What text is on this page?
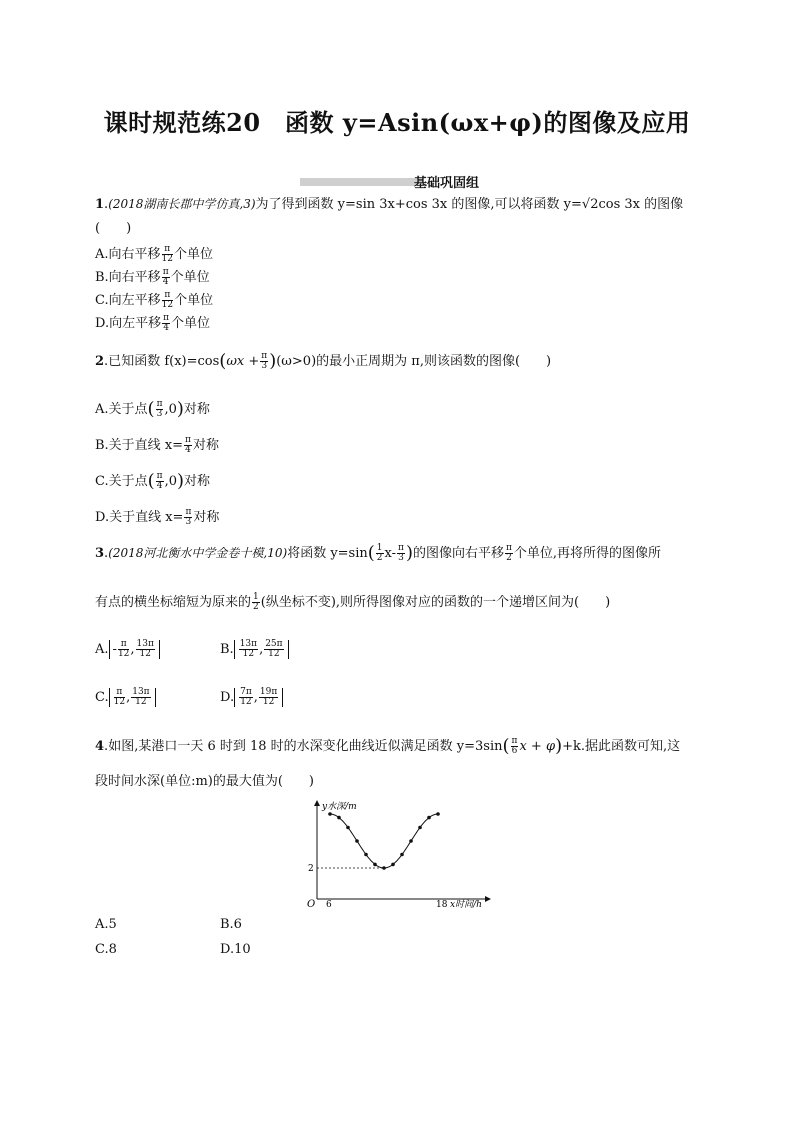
课时规范练20　函数 y=Asin(ωx+φ)的图像及应用
基础巩固组
1.(2018湖南长郡中学仿真,3)为了得到函数 y=sin 3x+cos 3x 的图像,可以将函数 y=√2cos 3x 的图像
(　　)
A.向右平移 $\frac{\pi}{12}$ 个单位
B.向右平移 $\frac{\pi}{4}$ 个单位
C.向左平移 $\frac{\pi}{12}$ 个单位
D.向左平移 $\frac{\pi}{4}$ 个单位
2.已知函数 $f(x)=\cos(\omega x + \frac{\pi}{3} )(\omega>0)$的最小正周期为 π,则该函数的图像(　　)
A.关于点( $\frac{\pi}{3} ,0$)对称
B.关于直线 $x= \frac{\pi}{4}$ 对称
C.关于点( $\frac{\pi}{4} ,0$)对称
D.关于直线 $x= \frac{\pi}{3}$ 对称
3.(2018河北衡水中学金卷十模,10)将函数 $y=\sin( \frac{1}{2} x- \frac{\pi}{3}$ )的图像向右平移 $\frac{\pi}{2}$ 个单位,再将所得的图像所
有点的横坐标缩短为原来的 $\frac{1}{2}$ (纵坐标不变),则所得图像对应的函数的一个递增区间为(　　)
A. - $\frac{\pi}{12}$ , $\frac{13\pi}{12}$	B. $\frac{13\pi}{12}$ , $\frac{25\pi}{12}$
C. $\frac{\pi}{12}$ , $\frac{13\pi}{12}$	D. $\frac{7\pi}{12}$ , $\frac{19\pi}{12}$
4.如图,某港口一天 6 时到 18 时的水深变化曲线近似满足函数 $y=3\sin( \frac{\pi}{6}$ x + φ)+k.据此函数可知,这
段时间水深(单位:m)的最大值为(　　)
y水深/m
x时间/h
O 6	18
2
A.5	B.6
C.8	D.10
